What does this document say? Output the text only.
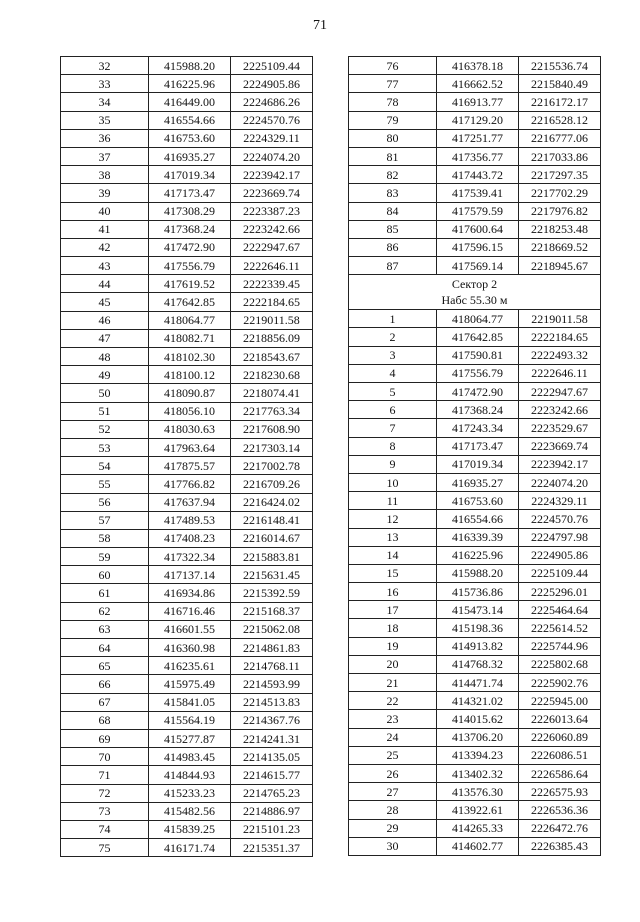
71
32	415988.20	2225109.44
33	416225.96	2224905.86
34	416449.00	2224686.26
35	416554.66	2224570.76
36	416753.60	2224329.11
37	416935.27	2224074.20
38	417019.34	2223942.17
39	417173.47	2223669.74
40	417308.29	2223387.23
41	417368.24	2223242.66
42	417472.90	2222947.67
43	417556.79	2222646.11
44	417619.52	2222339.45
45	417642.85	2222184.65
46	418064.77	2219011.58
47	418082.71	2218856.09
48	418102.30	2218543.67
49	418100.12	2218230.68
50	418090.87	2218074.41
51	418056.10	2217763.34
52	418030.63	2217608.90
53	417963.64	2217303.14
54	417875.57	2217002.78
55	417766.82	2216709.26
56	417637.94	2216424.02
57	417489.53	2216148.41
58	417408.23	2216014.67
59	417322.34	2215883.81
60	417137.14	2215631.45
61	416934.86	2215392.59
62	416716.46	2215168.37
63	416601.55	2215062.08
64	416360.98	2214861.83
65	416235.61	2214768.11
66	415975.49	2214593.99
67	415841.05	2214513.83
68	415564.19	2214367.76
69	415277.87	2214241.31
70	414983.45	2214135.05
71	414844.93	2214615.77
72	415233.23	2214765.23
73	415482.56	2214886.97
74	415839.25	2215101.23
75	416171.74	2215351.37
76	416378.18	2215536.74
77	416662.52	2215840.49
78	416913.77	2216172.17
79	417129.20	2216528.12
80	417251.77	2216777.06
81	417356.77	2217033.86
82	417443.72	2217297.35
83	417539.41	2217702.29
84	417579.59	2217976.82
85	417600.64	2218253.48
86	417596.15	2218669.52
87	417569.14	2218945.67

Сектор 2
Набс 55.30 м		

1	418064.77	2219011.58
2	417642.85	2222184.65
3	417590.81	2222493.32
4	417556.79	2222646.11
5	417472.90	2222947.67
6	417368.24	2223242.66
7	417243.34	2223529.67
8	417173.47	2223669.74
9	417019.34	2223942.17
10	416935.27	2224074.20
11	416753.60	2224329.11
12	416554.66	2224570.76
13	416339.39	2224797.98
14	416225.96	2224905.86
15	415988.20	2225109.44
16	415736.86	2225296.01
17	415473.14	2225464.64
18	415198.36	2225614.52
19	414913.82	2225744.96
20	414768.32	2225802.68
21	414471.74	2225902.76
22	414321.02	2225945.00
23	414015.62	2226013.64
24	413706.20	2226060.89
25	413394.23	2226086.51
26	413402.32	2226586.64
27	413576.30	2226575.93
28	413922.61	2226536.36
29	414265.33	2226472.76
30	414602.77	2226385.43
